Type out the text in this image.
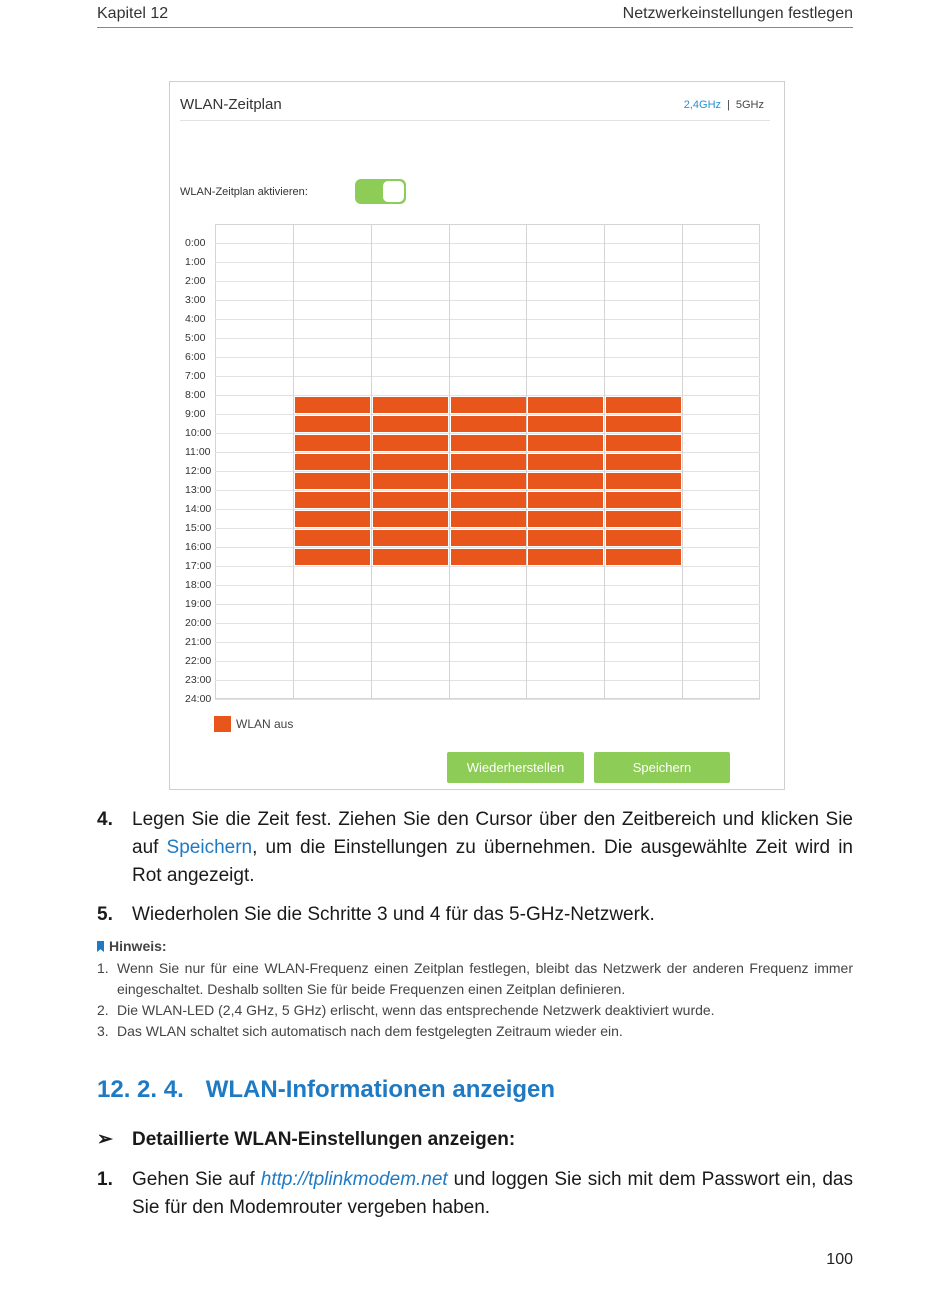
Kapitel 12	Netzwerkeinstellungen festlegen
WLAN-Zeitplan	2,4GHz | 5GHz
WLAN-Zeitplan aktivieren:
0:00
1:00
2:00
3:00
4:00
5:00
6:00
7:00
8:00
9:00
10:00
11:00
12:00
13:00
14:00
15:00
16:00
17:00
18:00
19:00
20:00
21:00
22:00
23:00
24:00
WLAN aus
Wiederherstellen	Speichern
4. Legen Sie die Zeit fest. Ziehen Sie den Cursor über den Zeitbereich und klicken Sie auf Speichern, um die Einstellungen zu übernehmen. Die ausgewählte Zeit wird in Rot angezeigt.
5. Wiederholen Sie die Schritte 3 und 4 für das 5-GHz-Netzwerk.
Hinweis:
1. Wenn Sie nur für eine WLAN-Frequenz einen Zeitplan festlegen, bleibt das Netzwerk der anderen Frequenz immer eingeschaltet. Deshalb sollten Sie für beide Frequenzen einen Zeitplan definieren.
2. Die WLAN-LED (2,4 GHz, 5 GHz) erlischt, wenn das entsprechende Netzwerk deaktiviert wurde.
3. Das WLAN schaltet sich automatisch nach dem festgelegten Zeitraum wieder ein.
12. 2. 4. WLAN-Informationen anzeigen
➢ Detaillierte WLAN-Einstellungen anzeigen:
1. Gehen Sie auf http://tplinkmodem.net und loggen Sie sich mit dem Passwort ein, das Sie für den Modemrouter vergeben haben.
100
